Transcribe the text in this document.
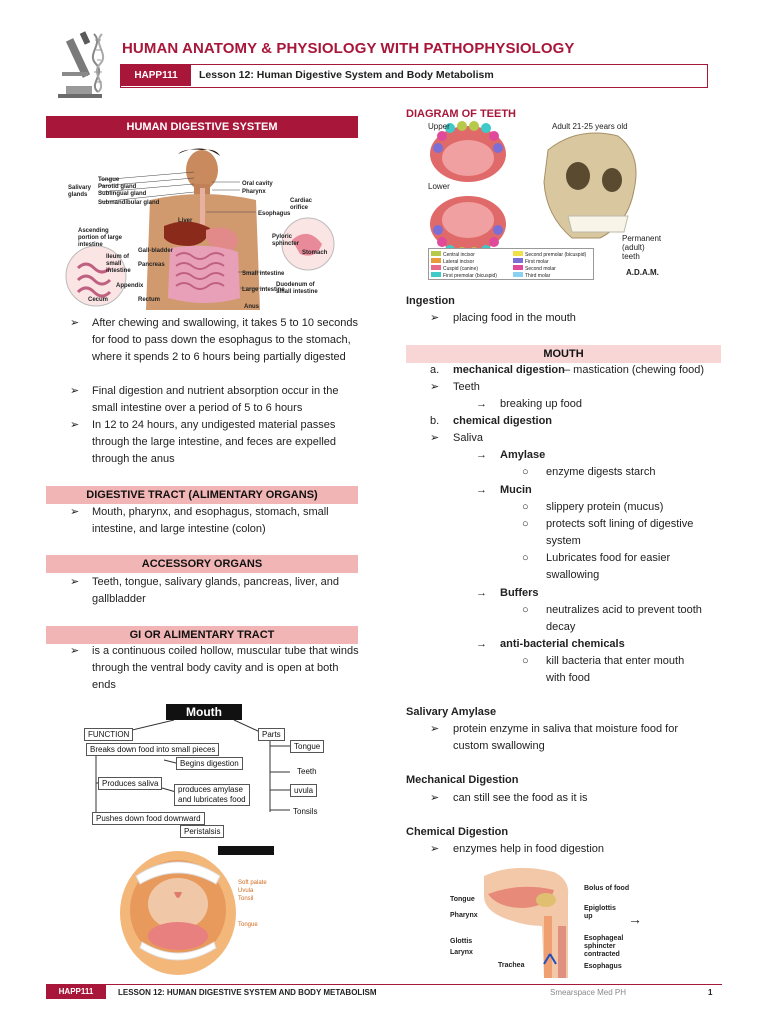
HUMAN ANATOMY & PHYSIOLOGY WITH PATHOPHYSIOLOGY
HAPP111	Lesson 12: Human Digestive System and Body Metabolism
HUMAN DIGESTIVE SYSTEM
Tongue
Parotid gland
Sublingual gland
Salivary glands
Submandibular gland
Oral cavity
Pharynx
Cardiac orifice
Esophagus
Liver
Ascending portion of large intestine
Pyloric sphincter
Gall-bladder
Pancreas
Stomach
Ileum of small intestine	Small intestine
Appendix
Large intestine
Duodenum of small intestine
Cecum	Rectum
Anus
➢ After chewing and swallowing, it takes 5 to 10 seconds for food to pass down the esophagus to the stomach, where it spends 2 to 6 hours being partially digested
➢ Final digestion and nutrient absorption occur in the small intestine over a period of 5 to 6 hours
➢ In 12 to 24 hours, any undigested material passes through the large intestine, and feces are expelled through the anus
DIGESTIVE TRACT (ALIMENTARY ORGANS)
➢ Mouth, pharynx, and esophagus, stomach, small intestine, and large intestine (colon)
ACCESSORY ORGANS
➢ Teeth, tongue, salivary glands, pancreas, liver, and gallbladder
GI OR ALIMENTARY TRACT
➢ is a continuous coiled hollow, muscular tube that winds through the ventral body cavity and is open at both ends
Mouth
FUNCTION	Parts
Breaks down food into small pieces
Begins digestion
Produces saliva
produces amylase
and lubricates food
Pushes down food downward
Peristalsis
Tongue
Teeth
uvula
Tonsils
Soft palate
Uvula
Tonsil
Tongue
DIAGRAM OF TEETH
Upper
Lower
Adult 21-25 years old
Permanent
(adult)
teeth
A.D.A.M.
Central incisor
Lateral incisor
Cuspid (canine)
First premolar (bicuspid)
Second premolar (bicuspid)
First molar
Second molar
Third molar
Ingestion
➢ placing food in the mouth
MOUTH
a. mechanical digestion – mastication (chewing food)
➢ Teeth
→ breaking up food
b. chemical digestion
➢ Saliva
→ Amylase
○ enzyme digests starch
→ Mucin
○ slippery protein (mucus)
○ protects soft lining of digestive
system
○ Lubricates food for easier
swallowing
→ Buffers
○ neutralizes acid to prevent tooth
decay
→ anti-bacterial chemicals
○ kill bacteria that enter mouth
with food
Salivary Amylase
➢ protein enzyme in saliva that moisture food for
custom swallowing
Mechanical Digestion
➢ can still see the food as it is
Chemical Digestion
➢ enzymes help in food digestion
Tongue
Pharynx
Glottis
Larynx
Trachea
Bolus of food
Epiglottis
up	→
Esophageal
sphincter
contracted
Esophagus
HAPP111	LESSON 12: HUMAN DIGESTIVE SYSTEM AND BODY METABOLISM	Smearspace Med PH	1
